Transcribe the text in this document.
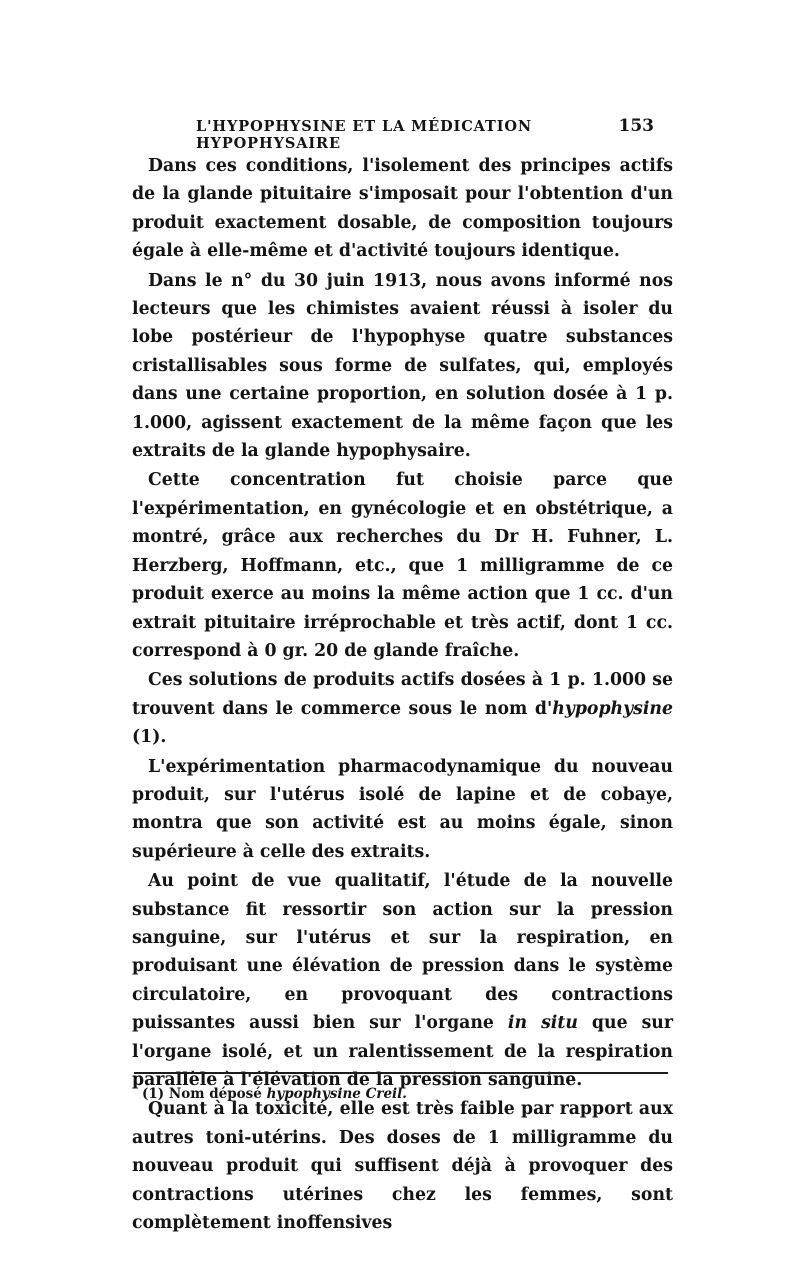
L'HYPOPHYSINE ET LA MÉDICATION HYPOPHYSAIRE
153

Dans ces conditions, l'isolement des principes actifs de la glande pituitaire s'imposait pour l'obtention d'un produit exactement dosable, de composition toujours égale à elle-même et d'activité toujours identique.

Dans le n° du 30 juin 1913, nous avons informé nos lecteurs que les chimistes avaient réussi à isoler du lobe postérieur de l'hypophyse quatre substances cristallisables sous forme de sulfates, qui, employés dans une certaine proportion, en solution dosée à 1 p. 1.000, agissent exactement de la même façon que les extraits de la glande hypophysaire.

Cette concentration fut choisie parce que l'expérimentation, en gynécologie et en obstétrique, a montré, grâce aux recherches du Dr H. Fuhner, L. Herzberg, Hoffmann, etc., que 1 milligramme de ce produit exerce au moins la même action que 1 cc. d'un extrait pituitaire irréprochable et très actif, dont 1 cc. correspond à 0 gr. 20 de glande fraîche.

Ces solutions de produits actifs dosées à 1 p. 1.000 se trouvent dans le commerce sous le nom d'hypophysine (1).

L'expérimentation pharmacodynamique du nouveau produit, sur l'utérus isolé de lapine et de cobaye, montra que son activité est au moins égale, sinon supérieure à celle des extraits.

Au point de vue qualitatif, l'étude de la nouvelle substance fit ressortir son action sur la pression sanguine, sur l'utérus et sur la respiration, en produisant une élévation de pression dans le système circulatoire, en provoquant des contractions puissantes aussi bien sur l'organe in situ que sur l'organe isolé, et un ralentissement de la respiration parallèle à l'élévation de la pression sanguine.

Quant à la toxicité, elle est très faible par rapport aux autres toni-utérins. Des doses de 1 milligramme du nouveau produit qui suffisent déjà à provoquer des contractions utérines chez les femmes, sont complètement inoffensives

(1) Nom déposé hypophysine Creil.
